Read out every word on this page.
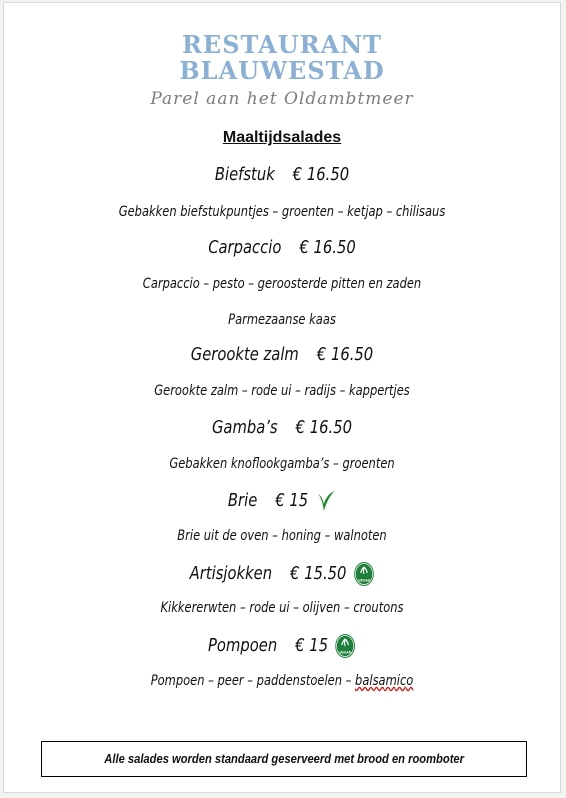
RESTAURANT
BLAUWESTAD
Parel aan het Oldambtmeer
Maaltijdsalades
Biefstuk € 16.50
Gebakken biefstukpuntjes – groenten – ketjap – chilisaus
Carpaccio € 16.50
Carpaccio – pesto – geroosterde pitten en zaden
Parmezaanse kaas
Gerookte zalm € 16.50
Gerookte zalm – rode ui – radijs – kappertjes
Gamba’s € 16.50
Gebakken knoflookgamba’s – groenten
Brie € 15
Brie uit de oven – honing – walnoten
Artisjokken € 15.50	VEGAN
Kikkererwten – rode ui – olijven – croutons
Pompoen € 15	VEGAN
Pompoen – peer – paddenstoelen – balsamico
Alle salades worden standaard geserveerd met brood en roomboter
